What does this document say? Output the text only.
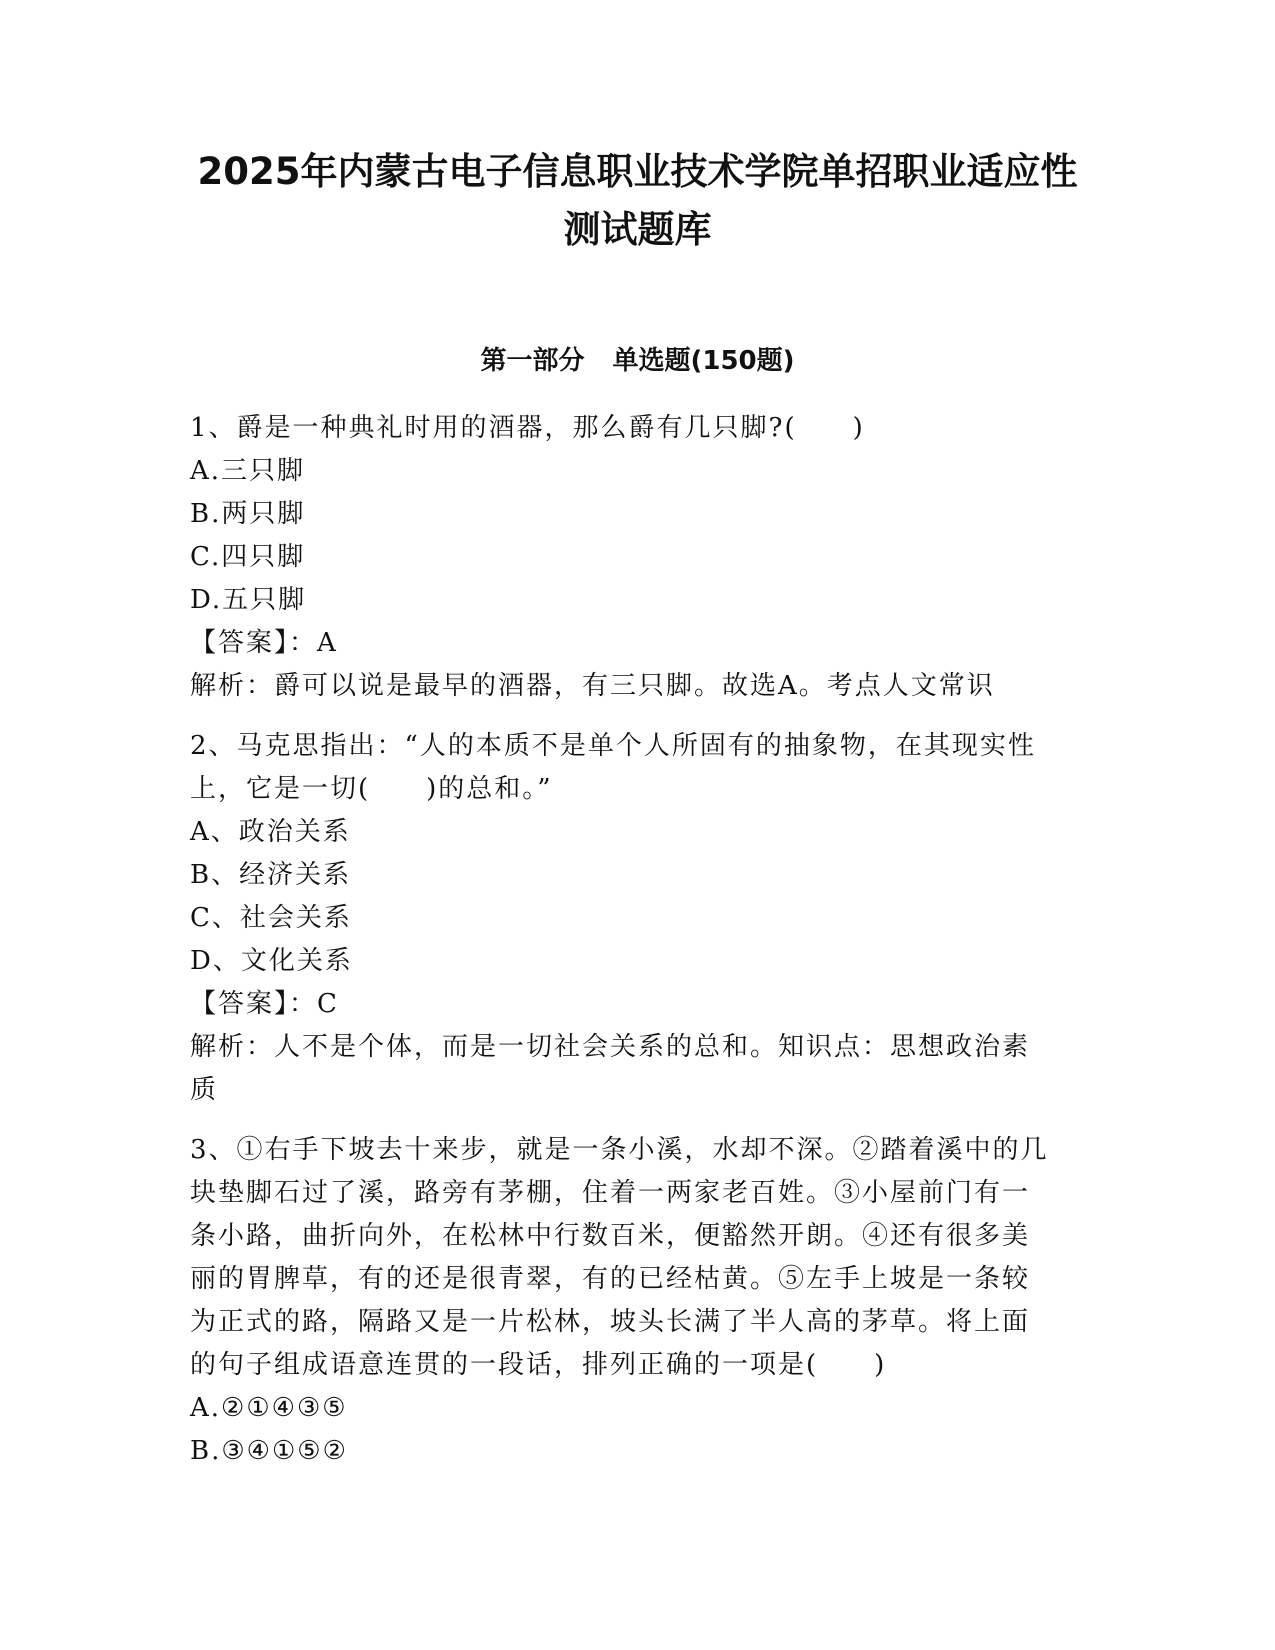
2025年内蒙古电子信息职业技术学院单招职业适应性
测试题库
第一部分 单选题(150题)
1、爵是一种典礼时用的酒器，那么爵有几只脚?(　　)
A.三只脚
B.两只脚
C.四只脚
D.五只脚
【答案】：A
解析：爵可以说是最早的酒器，有三只脚。故选A。考点人文常识
2、马克思指出：“人的本质不是单个人所固有的抽象物，在其现实性
上，它是一切(　　)的总和。”
A、政治关系
B、经济关系
C、社会关系
D、文化关系
【答案】：C
解析：人不是个体，而是一切社会关系的总和。知识点：思想政治素
质
3、①右手下坡去十来步，就是一条小溪，水却不深。②踏着溪中的几
块垫脚石过了溪，路旁有茅棚，住着一两家老百姓。③小屋前门有一
条小路，曲折向外，在松林中行数百米，便豁然开朗。④还有很多美
丽的胃脾草，有的还是很青翠，有的已经枯黄。⑤左手上坡是一条较
为正式的路，隔路又是一片松林，坡头长满了半人高的茅草。将上面
的句子组成语意连贯的一段话，排列正确的一项是(　　)
A.②①④③⑤
B.③④①⑤②
